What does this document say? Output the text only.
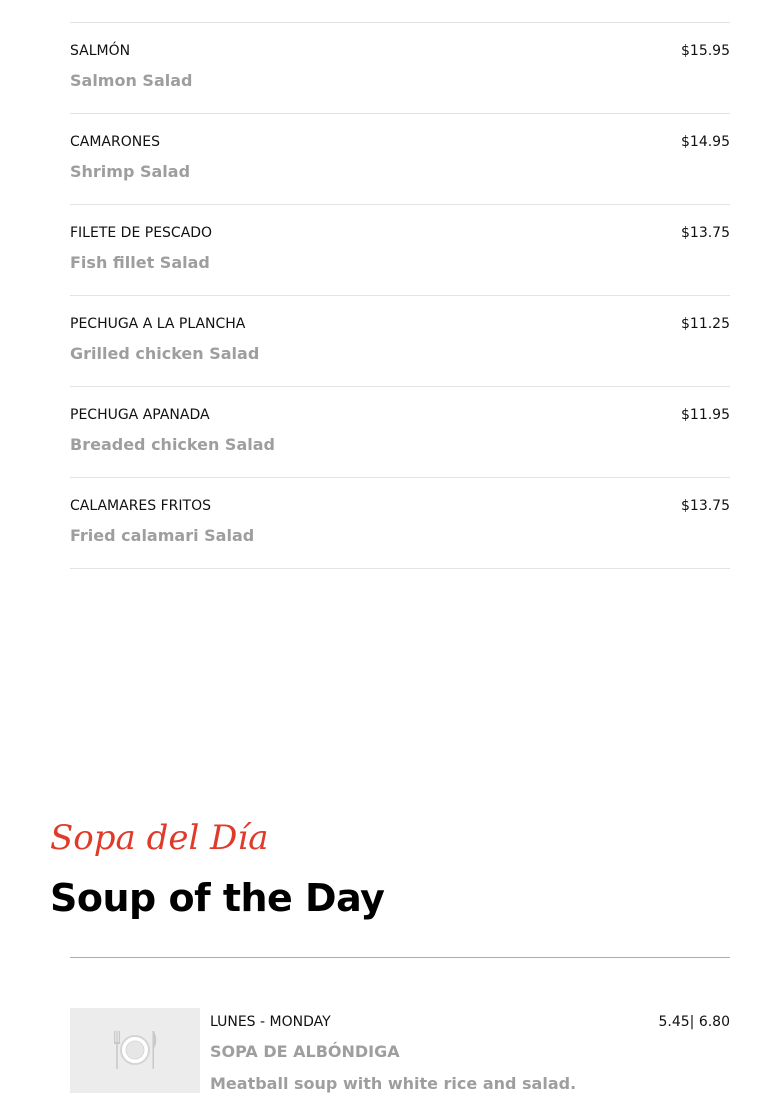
SALMÓN	$15.95
Salmon Salad
CAMARONES	$14.95
Shrimp Salad
FILETE DE PESCADO	$13.75
Fish fillet Salad
PECHUGA A LA PLANCHA	$11.25
Grilled chicken Salad
PECHUGA APANADA	$11.95
Breaded chicken Salad
CALAMARES FRITOS	$13.75
Fried calamari Salad
Sopa del Día
Soup of the Day
LUNES - MONDAY	5.45| 6.80
SOPA DE ALBÓNDIGA
Meatball soup with white rice and salad.
